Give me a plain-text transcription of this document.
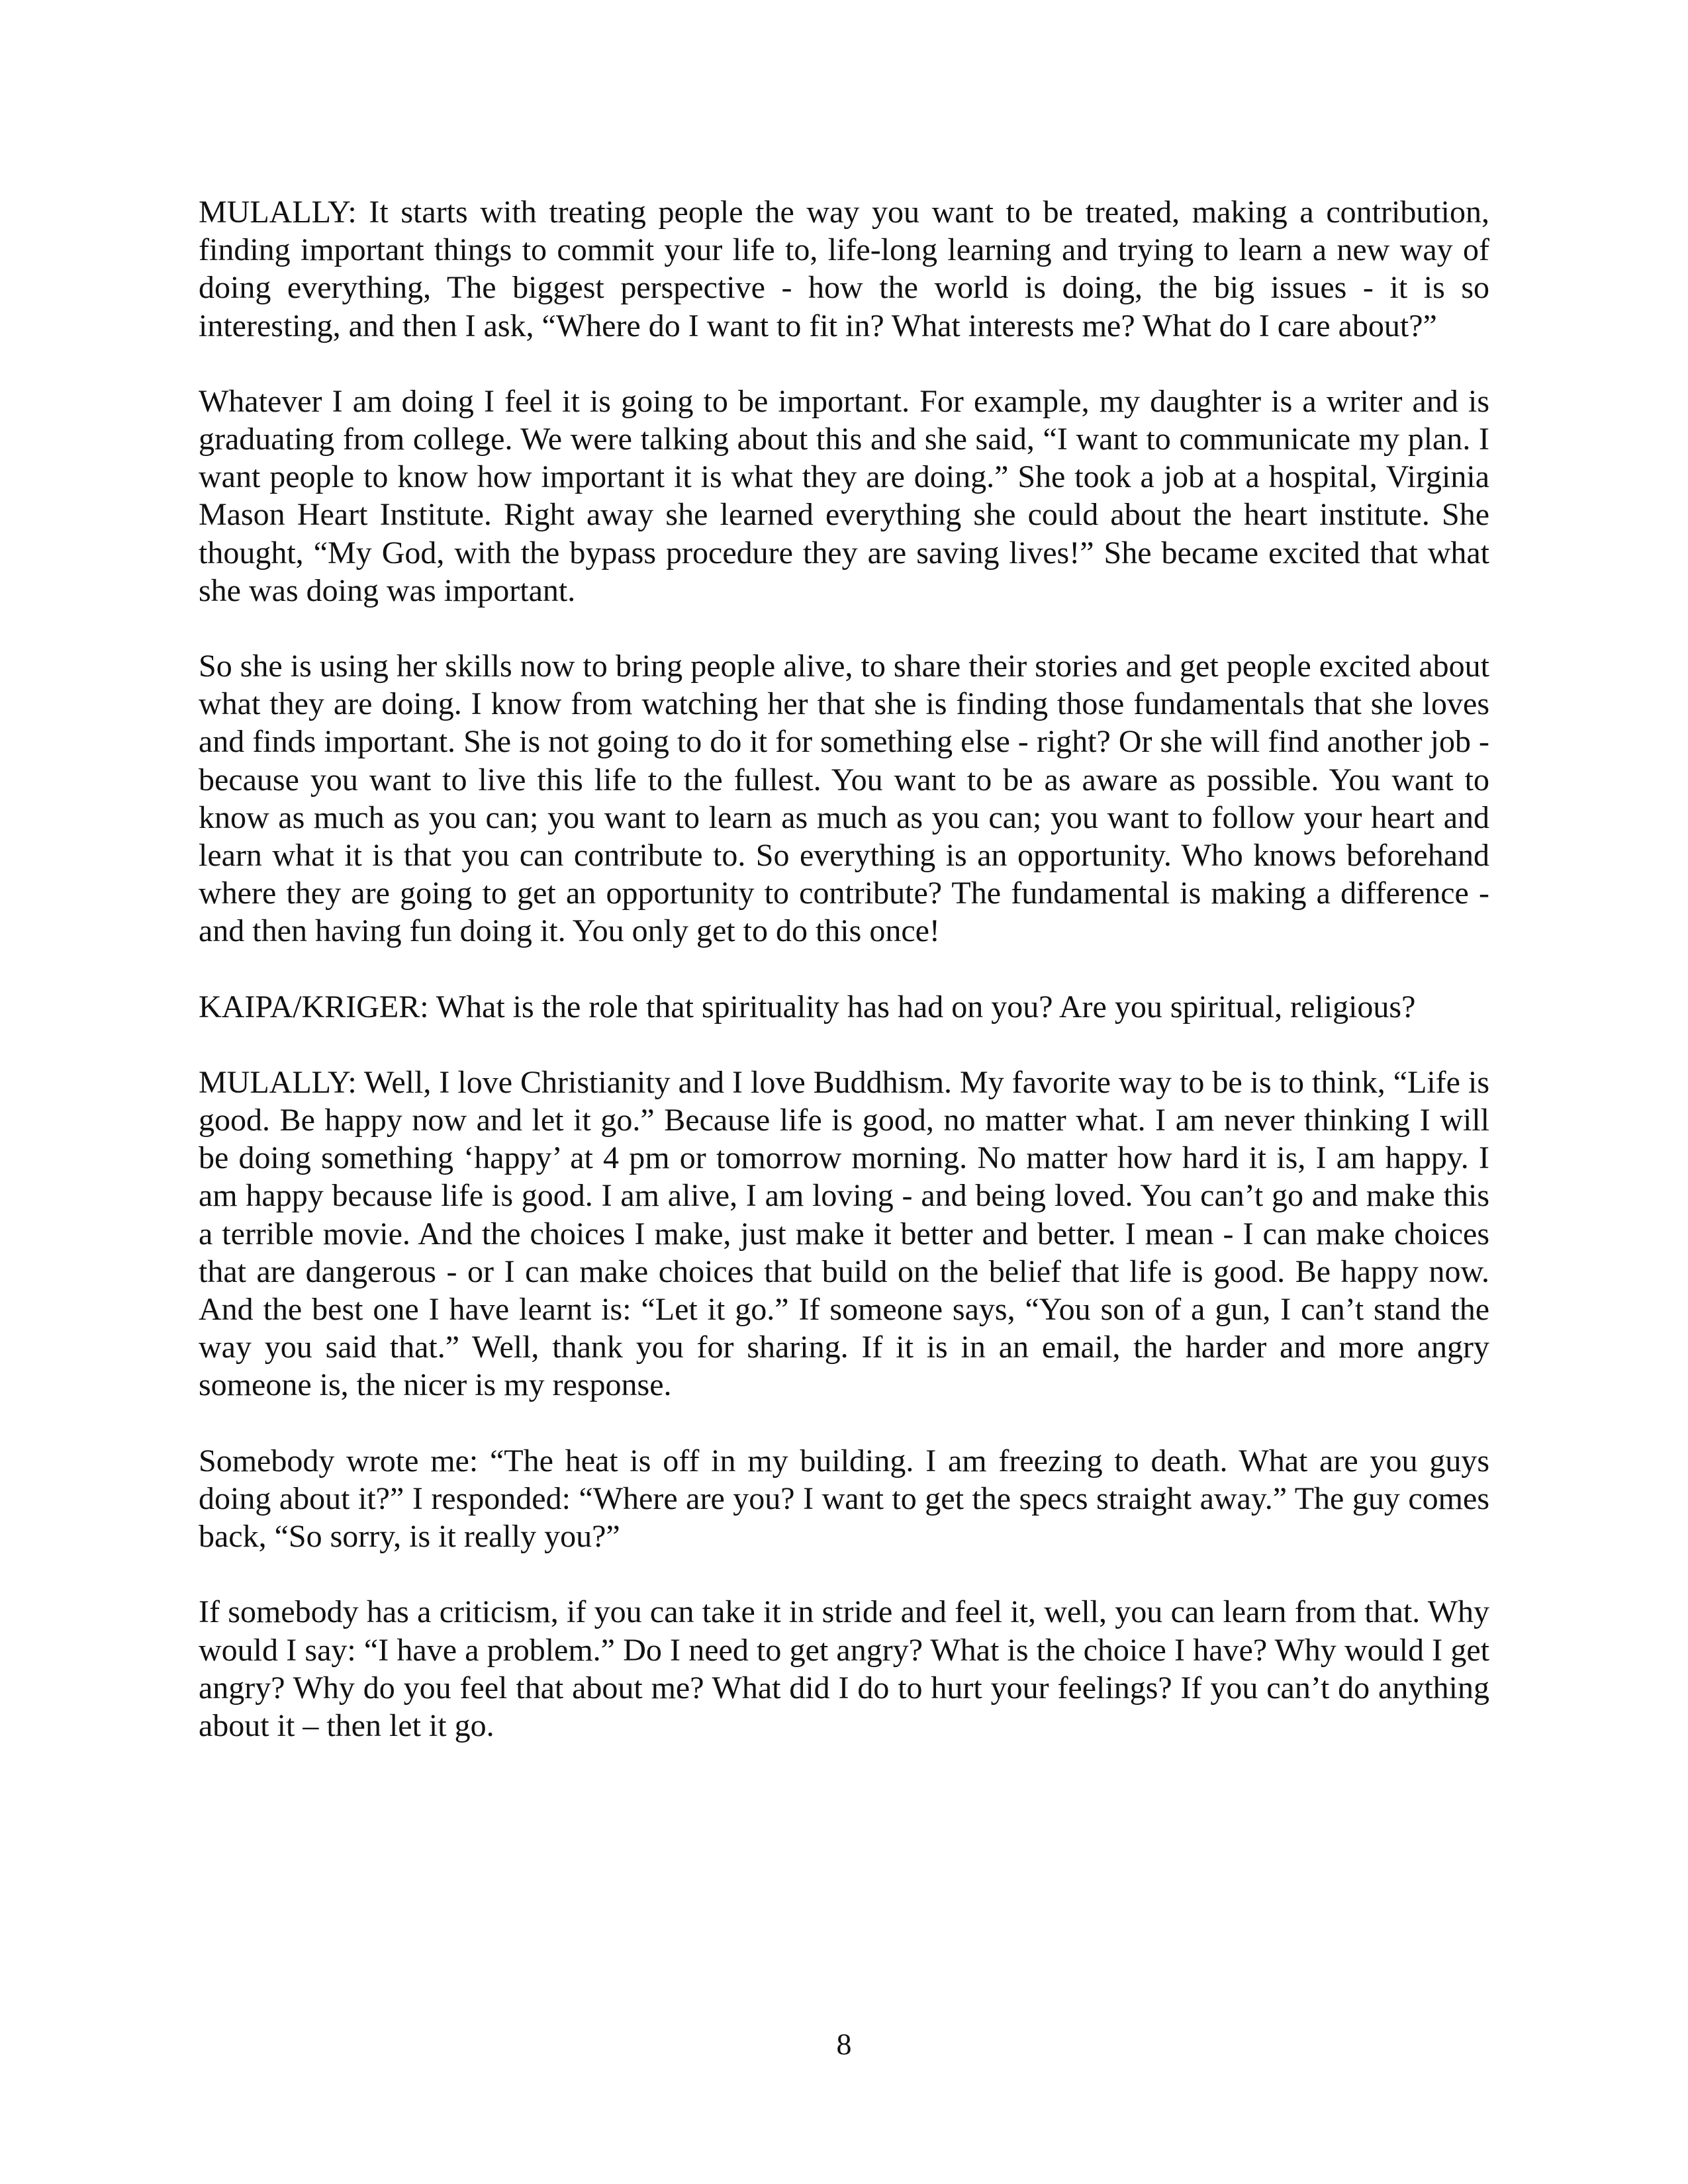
MULALLY: It starts with treating people the way you want to be treated, making a contribution, finding important things to commit your life to, life-long learning and trying to learn a new way of doing everything, The biggest perspective - how the world is doing, the big issues - it is so interesting, and then I ask, “Where do I want to fit in? What interests me? What do I care about?”

Whatever I am doing I feel it is going to be important. For example, my daughter is a writer and is graduating from college. We were talking about this and she said, “I want to communicate my plan. I want people to know how important it is what they are doing.” She took a job at a hospital, Virginia Mason Heart Institute. Right away she learned everything she could about the heart institute. She thought, “My God, with the bypass procedure they are saving lives!” She became excited that what she was doing was important.

So she is using her skills now to bring people alive, to share their stories and get people excited about what they are doing. I know from watching her that she is finding those fundamentals that she loves and finds important. She is not going to do it for something else - right? Or she will find another job - because you want to live this life to the fullest. You want to be as aware as possible. You want to know as much as you can; you want to learn as much as you can; you want to follow your heart and learn what it is that you can contribute to. So everything is an opportunity. Who knows beforehand where they are going to get an opportunity to contribute? The fundamental is making a difference - and then having fun doing it. You only get to do this once!

KAIPA/KRIGER: What is the role that spirituality has had on you? Are you spiritual, religious?

MULALLY: Well, I love Christianity and I love Buddhism. My favorite way to be is to think, “Life is good. Be happy now and let it go.” Because life is good, no matter what. I am never thinking I will be doing something ‘happy’ at 4 pm or tomorrow morning. No matter how hard it is, I am happy. I am happy because life is good. I am alive, I am loving - and being loved. You can’t go and make this a terrible movie. And the choices I make, just make it better and better. I mean - I can make choices that are dangerous - or I can make choices that build on the belief that life is good. Be happy now. And the best one I have learnt is: “Let it go.” If someone says, “You son of a gun, I can’t stand the way you said that.” Well, thank you for sharing. If it is in an email, the harder and more angry someone is, the nicer is my response.

Somebody wrote me: “The heat is off in my building. I am freezing to death. What are you guys doing about it?” I responded: “Where are you? I want to get the specs straight away.” The guy comes back, “So sorry, is it really you?”

If somebody has a criticism, if you can take it in stride and feel it, well, you can learn from that. Why would I say: “I have a problem.” Do I need to get angry? What is the choice I have? Why would I get angry? Why do you feel that about me? What did I do to hurt your feelings? If you can’t do anything about it – then let it go.

8
